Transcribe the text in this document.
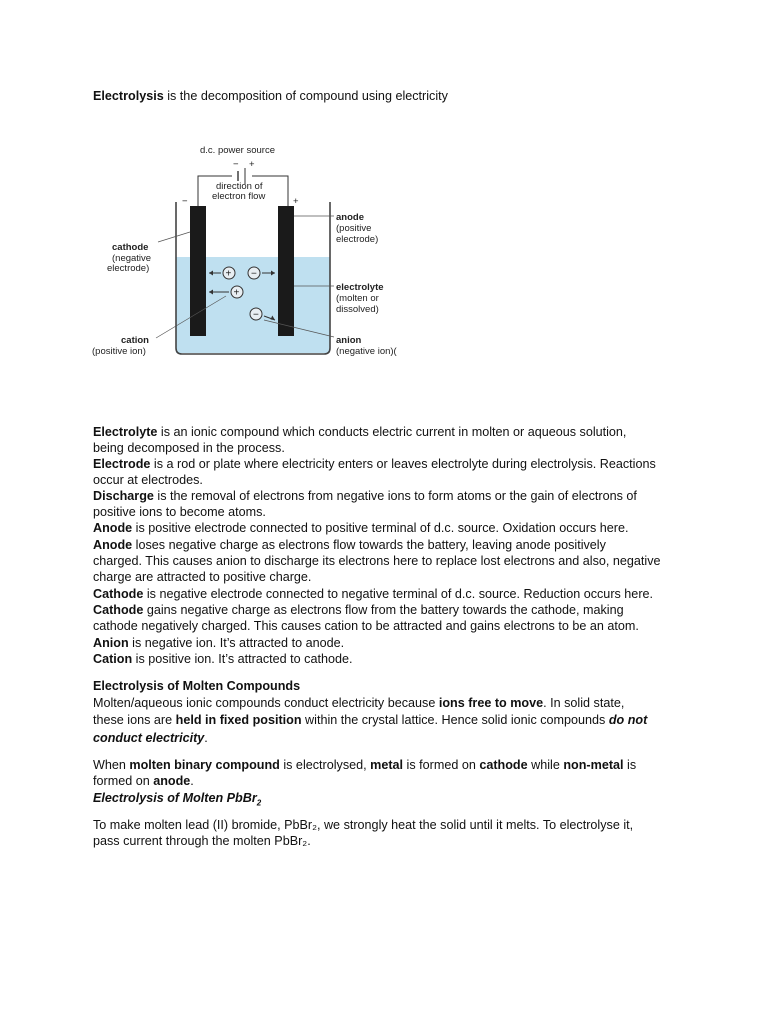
Electrolysis is the decomposition of compound using electricity
+ −
+
−
d.c. power source
− +
direction of
electron flow
−	+
anode
(positive
electrode)
cathode
(negative
electrode)
electrolyte
(molten or
dissolved)
cation
(positive ion)
anion
(negative ion)(
Electrolyte is an ionic compound which conducts electric current in molten or aqueous solution,
being decomposed in the process.
Electrode is a rod or plate where electricity enters or leaves electrolyte during electrolysis. Reactions
occur at electrodes.
Discharge is the removal of electrons from negative ions to form atoms or the gain of electrons of
positive ions to become atoms.
Anode is positive electrode connected to positive terminal of d.c. source. Oxidation occurs here.
Anode loses negative charge as electrons flow towards the battery, leaving anode positively
charged. This causes anion to discharge its electrons here to replace lost electrons and also, negative
charge are attracted to positive charge.
Cathode is negative electrode connected to negative terminal of d.c. source. Reduction occurs here.
Cathode gains negative charge as electrons flow from the battery towards the cathode, making
cathode negatively charged. This causes cation to be attracted and gains electrons to be an atom.
Anion is negative ion. It’s attracted to anode.
Cation is positive ion. It’s attracted to cathode.
Electrolysis of Molten Compounds
Molten/aqueous ionic compounds conduct electricity because ions free to move. In solid state,
these ions are held in fixed position within the crystal lattice. Hence solid ionic compounds do not
conduct electricity.
When molten binary compound is electrolysed, metal is formed on cathode while non-metal is
formed on anode.
Electrolysis of Molten PbBr$_2$
To make molten lead (II) bromide, PbBr₂, we strongly heat the solid until it melts. To electrolyse it,
pass current through the molten PbBr₂.
